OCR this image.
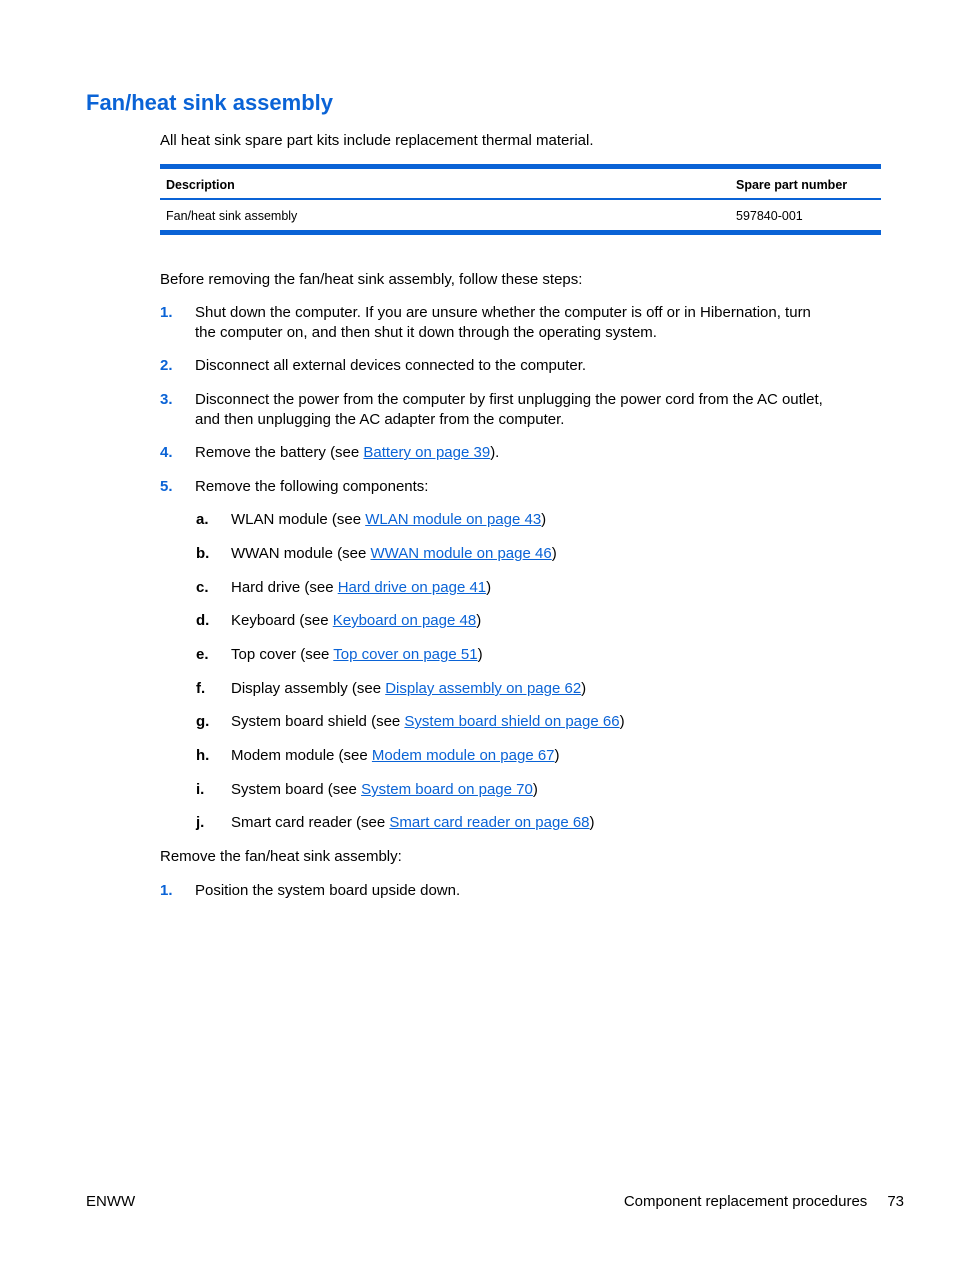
Fan/heat sink assembly
All heat sink spare part kits include replacement thermal material.
Description	Spare part number
Fan/heat sink assembly	597840-001
Before removing the fan/heat sink assembly, follow these steps:
1. Shut down the computer. If you are unsure whether the computer is off or in Hibernation, turn
the computer on, and then shut it down through the operating system.
2. Disconnect all external devices connected to the computer.
3. Disconnect the power from the computer by first unplugging the power cord from the AC outlet,
and then unplugging the AC adapter from the computer.
4. Remove the battery (see Battery on page 39).
5. Remove the following components:
a. WLAN module (see WLAN module on page 43)
b. WWAN module (see WWAN module on page 46)
c. Hard drive (see Hard drive on page 41)
d. Keyboard (see Keyboard on page 48)
e. Top cover (see Top cover on page 51)
f. Display assembly (see Display assembly on page 62)
g. System board shield (see System board shield on page 66)
h. Modem module (see Modem module on page 67)
i. System board (see System board on page 70)
j. Smart card reader (see Smart card reader on page 68)
Remove the fan/heat sink assembly:
1. Position the system board upside down.
ENWW	Component replacement procedures 73
